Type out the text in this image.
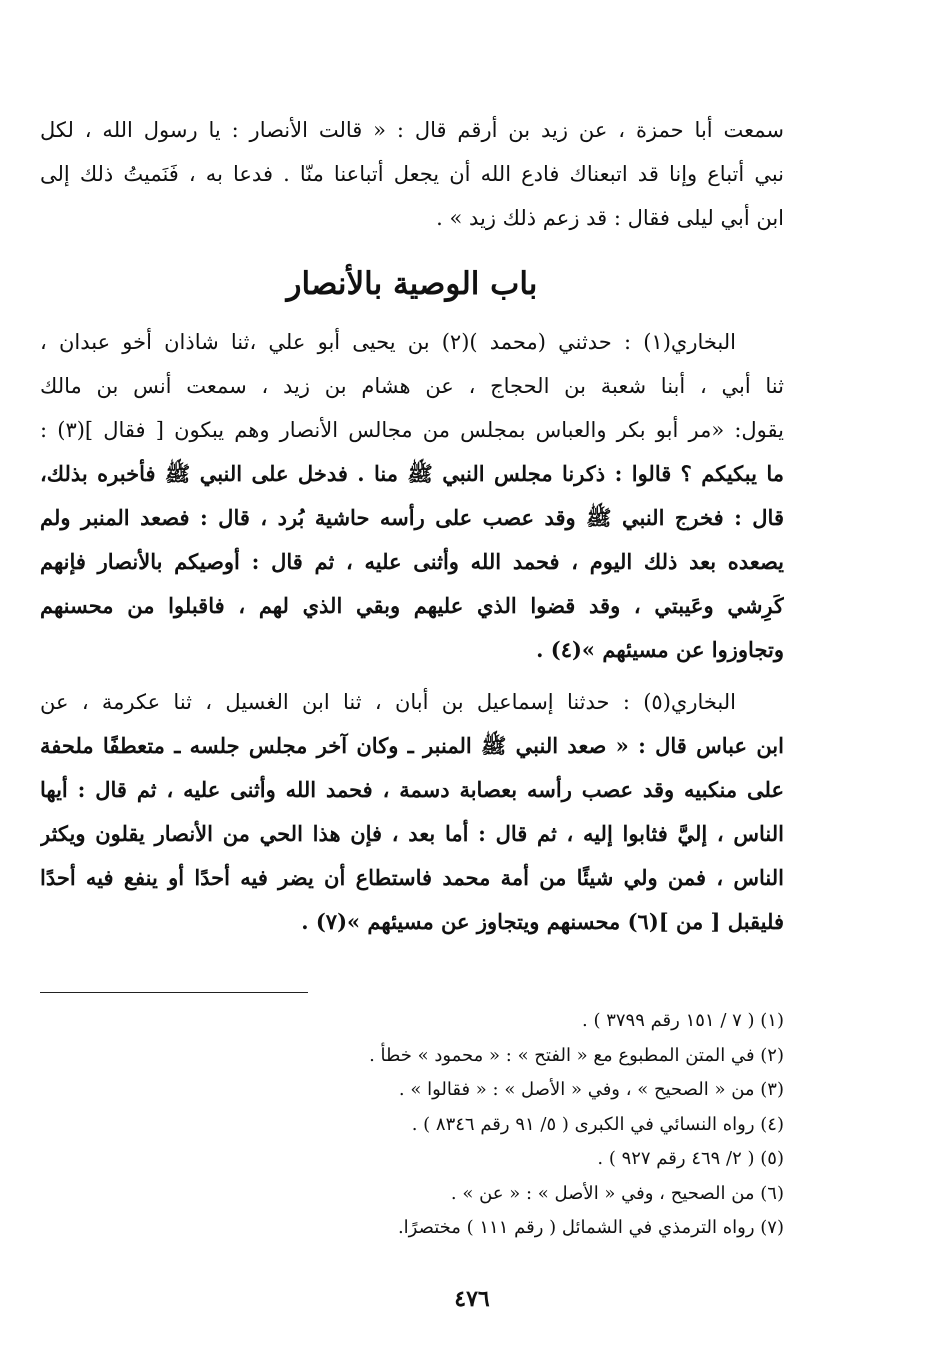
سمعت أبا حمزة ، عن زيد بن أرقم قال : « قالت الأنصار : يا رسول الله ، لكل
نبي أتباع وإنا قد اتبعناك فادع الله أن يجعل أتباعنا منّا . فدعا به ، فَنَميتُ ذلك إلى
ابن أبي ليلى فقال : قد زعم ذلك زيد » .
باب الوصية بالأنصار
البخاري(١) : حدثني (محمد )(٢) بن يحيى أبو علي ،ثنا شاذان أخو عبدان ،
ثنا أبي ، أبنا شعبة بن الحجاج ، عن هشام بن زيد ، سمعت أنس بن مالك
يقول: «مر أبو بكر والعباس بمجلس من مجالس الأنصار وهم يبكون [ فقال ](٣) :
ما يبكيكم ؟ قالوا : ذكرنا مجلس النبي ﷺ منا . فدخل على النبي ﷺ فأخبره بذلك،
قال : فخرج النبي ﷺ وقد عصب على رأسه حاشية بُرد ، قال : فصعد المنبر ولم
يصعده بعد ذلك اليوم ، فحمد الله وأثنى عليه ، ثم قال : أوصيكم بالأنصار فإنهم
كَرِشي وعَيبتي ، وقد قضوا الذي عليهم وبقي الذي لهم ، فاقبلوا من محسنهم
وتجاوزوا عن مسيئهم »(٤) .
البخاري(٥) : حدثنا إسماعيل بن أبان ، ثنا ابن الغسيل ، ثنا عكرمة ، عن
ابن عباس قال : « صعد النبي ﷺ المنبر ـ وكان آخر مجلس جلسه ـ متعطفًا ملحفة
على منكبيه وقد عصب رأسه بعصابة دسمة ، فحمد الله وأثنى عليه ، ثم قال : أيها
الناس ، إليَّ فثابوا إليه ، ثم قال : أما بعد ، فإن هذا الحي من الأنصار يقلون ويكثر
الناس ، فمن ولي شيئًا من أمة محمد فاستطاع أن يضر فيه أحدًا أو ينفع فيه أحدًا
فليقبل [ من ](٦) محسنهم ويتجاوز عن مسيئهم »(٧) .
(١) ( ٧ / ١٥١ رقم ٣٧٩٩ ) .
(٢) في المتن المطبوع مع « الفتح » : « محمود » خطأ .
(٣) من « الصحيح » ، وفي « الأصل » : « فقالوا » .
(٤) رواه النسائي في الكبرى ( ٥/ ٩١ رقم ٨٣٤٦ ) .
(٥) ( ٢/ ٤٦٩ رقم ٩٢٧ ) .
(٦) من الصحيح ، وفي « الأصل » : « عن » .
(٧) رواه الترمذي في الشمائل ( رقم ١١١ ) مختصرًا.
٤٧٦
